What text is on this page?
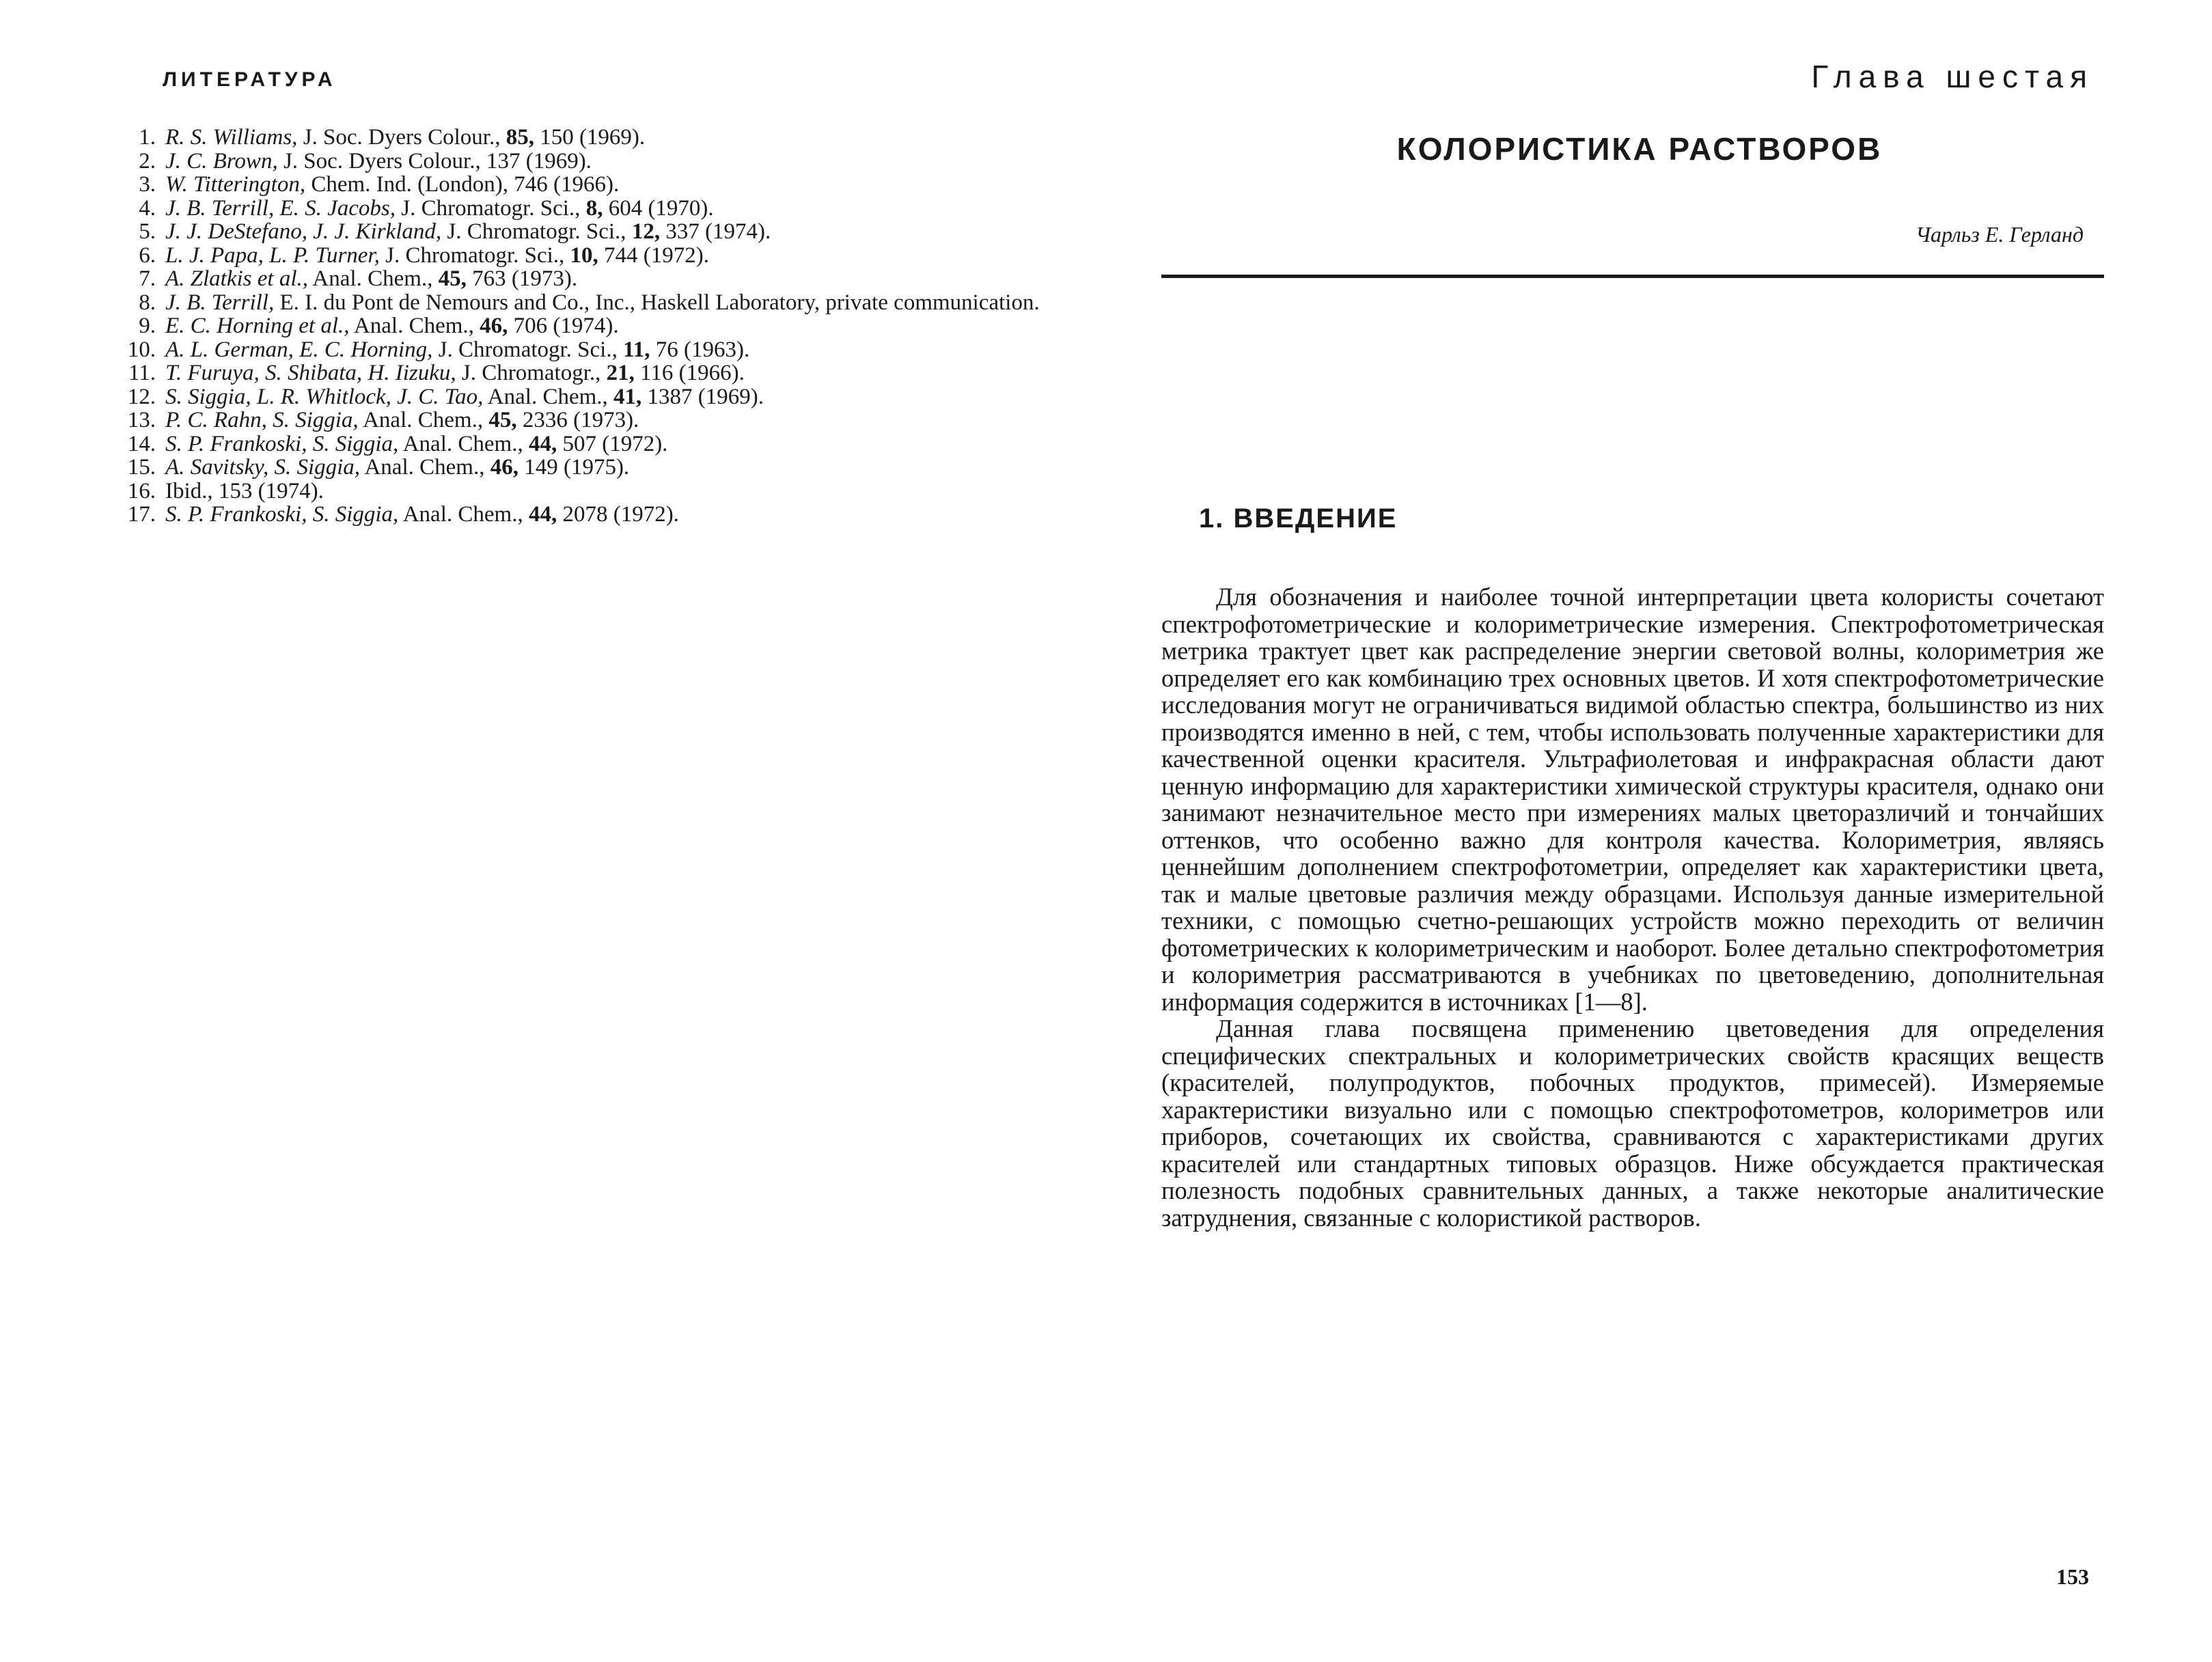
ЛИТЕРАТУРА
1. R. S. Williams, J. Soc. Dyers Colour., 85, 150 (1969).
2. J. C. Brown, J. Soc. Dyers Colour., 137 (1969).
3. W. Titterington, Chem. Ind. (London), 746 (1966).
4. J. B. Terrill, E. S. Jacobs, J. Chromatogr. Sci., 8, 604 (1970).
5. J. J. DeStefano, J. J. Kirkland, J. Chromatogr. Sci., 12, 337 (1974).
6. L. J. Papa, L. P. Turner, J. Chromatogr. Sci., 10, 744 (1972).
7. A. Zlatkis et al., Anal. Chem., 45, 763 (1973).
8. J. B. Terrill, E. I. du Pont de Nemours and Co., Inc., Haskell Laboratory, private communication.
9. E. C. Horning et al., Anal. Chem., 46, 706 (1974).
10. A. L. German, E. C. Horning, J. Chromatogr. Sci., 11, 76 (1963).
11. T. Furuya, S. Shibata, H. Iizuku, J. Chromatogr., 21, 116 (1966).
12. S. Siggia, L. R. Whitlock, J. C. Tao, Anal. Chem., 41, 1387 (1969).
13. P. C. Rahn, S. Siggia, Anal. Chem., 45, 2336 (1973).
14. S. P. Frankoski, S. Siggia, Anal. Chem., 44, 507 (1972).
15. A. Savitsky, S. Siggia, Anal. Chem., 46, 149 (1975).
16. Ibid., 153 (1974).
17. S. P. Frankoski, S. Siggia, Anal. Chem., 44, 2078 (1972).
Глава шестая
КОЛОРИСТИКА РАСТВОРОВ
Чарльз Е. Герланд
1. ВВЕДЕНИЕ

Для обозначения и наиболее точной интерпретации цвета колористы сочетают спектрофотометрические и колориметрические измерения. Спектрофотометрическая метрика трактует цвет как распределение энергии световой волны, колориметрия же определяет его как комбинацию трех основных цветов. И хотя спектрофотометрические исследования могут не ограничиваться видимой областью спектра, большинство из них производятся именно в ней, с тем, чтобы использовать полученные характеристики для качественной оценки красителя. Ультрафиолетовая и инфракрасная области дают ценную информацию для характеристики химической структуры красителя, однако они занимают незначительное место при измерениях малых цветоразличий и тончайших оттенков, что особенно важно для контроля качества. Колориметрия, являясь ценнейшим дополнением спектрофотометрии, определяет как характеристики цвета, так и малые цветовые различия между образцами. Используя данные измерительной техники, с помощью счетно-решающих устройств можно переходить от величин фотометрических к колориметрическим и наоборот. Более детально спектрофотометрия и колориметрия рассматриваются в учебниках по цветоведению, дополнительная информация содержится в источниках [1—8].

Данная глава посвящена применению цветоведения для определения специфических спектральных и колориметрических свойств красящих веществ (красителей, полупродуктов, побочных продуктов, примесей). Измеряемые характеристики визуально или с помощью спектрофотометров, колориметров или приборов, сочетающих их свойства, сравниваются с характеристиками других красителей или стандартных типовых образцов. Ниже обсуждается практическая полезность подобных сравнительных данных, а также некоторые аналитические затруднения, связанные с колористикой растворов.

153
